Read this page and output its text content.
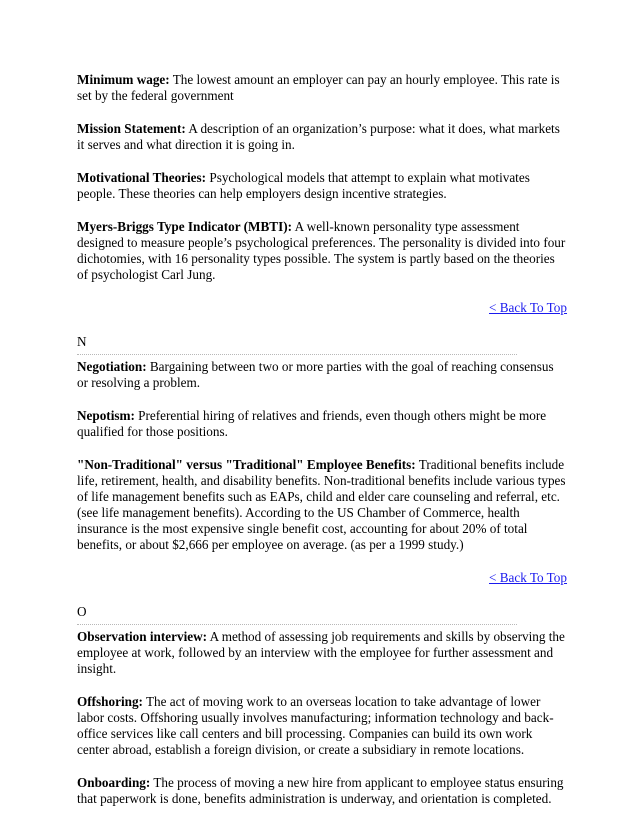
Minimum wage: The lowest amount an employer can pay an hourly employee. This rate is set by the federal government

Mission Statement: A description of an organization’s purpose: what it does, what markets it serves and what direction it is going in.

Motivational Theories: Psychological models that attempt to explain what motivates people. These theories can help employers design incentive strategies.

Myers-Briggs Type Indicator (MBTI): A well-known personality type assessment designed to measure people’s psychological preferences. The personality is divided into four dichotomies, with 16 personality types possible. The system is partly based on the theories of psychologist Carl Jung.

< Back To Top

N

Negotiation: Bargaining between two or more parties with the goal of reaching consensus or resolving a problem.

Nepotism: Preferential hiring of relatives and friends, even though others might be more qualified for those positions.

"Non-Traditional" versus "Traditional" Employee Benefits: Traditional benefits include life, retirement, health, and disability benefits. Non-traditional benefits include various types of life management benefits such as EAPs, child and elder care counseling and referral, etc. (see life management benefits). According to the US Chamber of Commerce, health insurance is the most expensive single benefit cost, accounting for about 20% of total benefits, or about $2,666 per employee on average. (as per a 1999 study.)

< Back To Top

O

Observation interview: A method of assessing job requirements and skills by observing the employee at work, followed by an interview with the employee for further assessment and insight.

Offshoring: The act of moving work to an overseas location to take advantage of lower labor costs. Offshoring usually involves manufacturing; information technology and back-office services like call centers and bill processing. Companies can build its own work center abroad, establish a foreign division, or create a subsidiary in remote locations.

Onboarding: The process of moving a new hire from applicant to employee status ensuring that paperwork is done, benefits administration is underway, and orientation is completed.
